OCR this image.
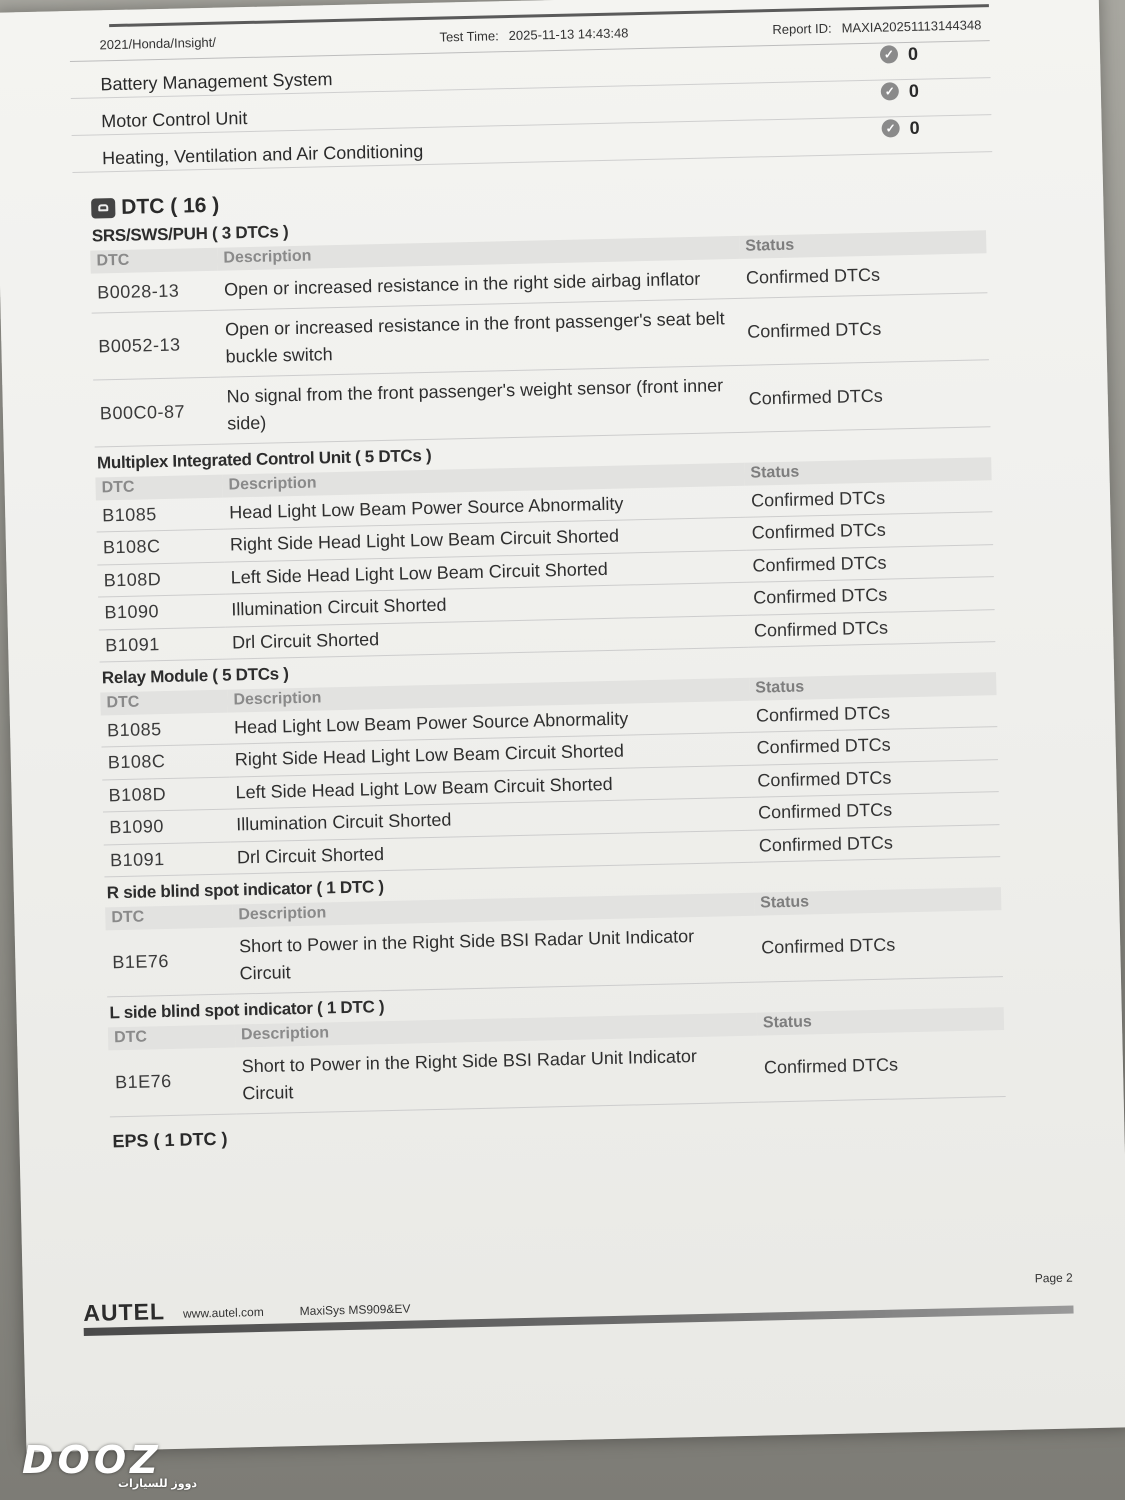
2021/Honda/Insight/	Test Time: 2025-11-13 14:43:48	Report ID: MAXIA20251113144348
Battery Management System
✓ 0
Motor Control Unit
✓ 0
Heating, Ventilation and Air Conditioning
✓ 0
DTC ( 16 )
SRS/SWS/PUH ( 3 DTCs )
DTC	Description	Status
B0028-13	Open or increased resistance in the right side airbag inflator	Confirmed DTCs
B0052-13	Open or increased resistance in the front passenger's seat belt buckle switch	Confirmed DTCs
B00C0-87	No signal from the front passenger's weight sensor (front inner side)	Confirmed DTCs
Multiplex Integrated Control Unit ( 5 DTCs )
DTC	Description	Status
B1085	Head Light Low Beam Power Source Abnormality	Confirmed DTCs
B108C	Right Side Head Light Low Beam Circuit Shorted	Confirmed DTCs
B108D	Left Side Head Light Low Beam Circuit Shorted	Confirmed DTCs
B1090	Illumination Circuit Shorted	Confirmed DTCs
B1091	Drl Circuit Shorted	Confirmed DTCs
Relay Module ( 5 DTCs )
DTC	Description	Status
B1085	Head Light Low Beam Power Source Abnormality	Confirmed DTCs
B108C	Right Side Head Light Low Beam Circuit Shorted	Confirmed DTCs
B108D	Left Side Head Light Low Beam Circuit Shorted	Confirmed DTCs
B1090	Illumination Circuit Shorted	Confirmed DTCs
B1091	Drl Circuit Shorted	Confirmed DTCs
R side blind spot indicator ( 1 DTC )
DTC	Description	Status
B1E76	Short to Power in the Right Side BSI Radar Unit Indicator Circuit	Confirmed DTCs
L side blind spot indicator ( 1 DTC )
DTC	Description	Status
B1E76	Short to Power in the Right Side BSI Radar Unit Indicator Circuit	Confirmed DTCs
EPS ( 1 DTC )
AUTEL www.autel.com	MaxiSys MS909&EV
Page 2
DOOZ
دووز للسيارات
